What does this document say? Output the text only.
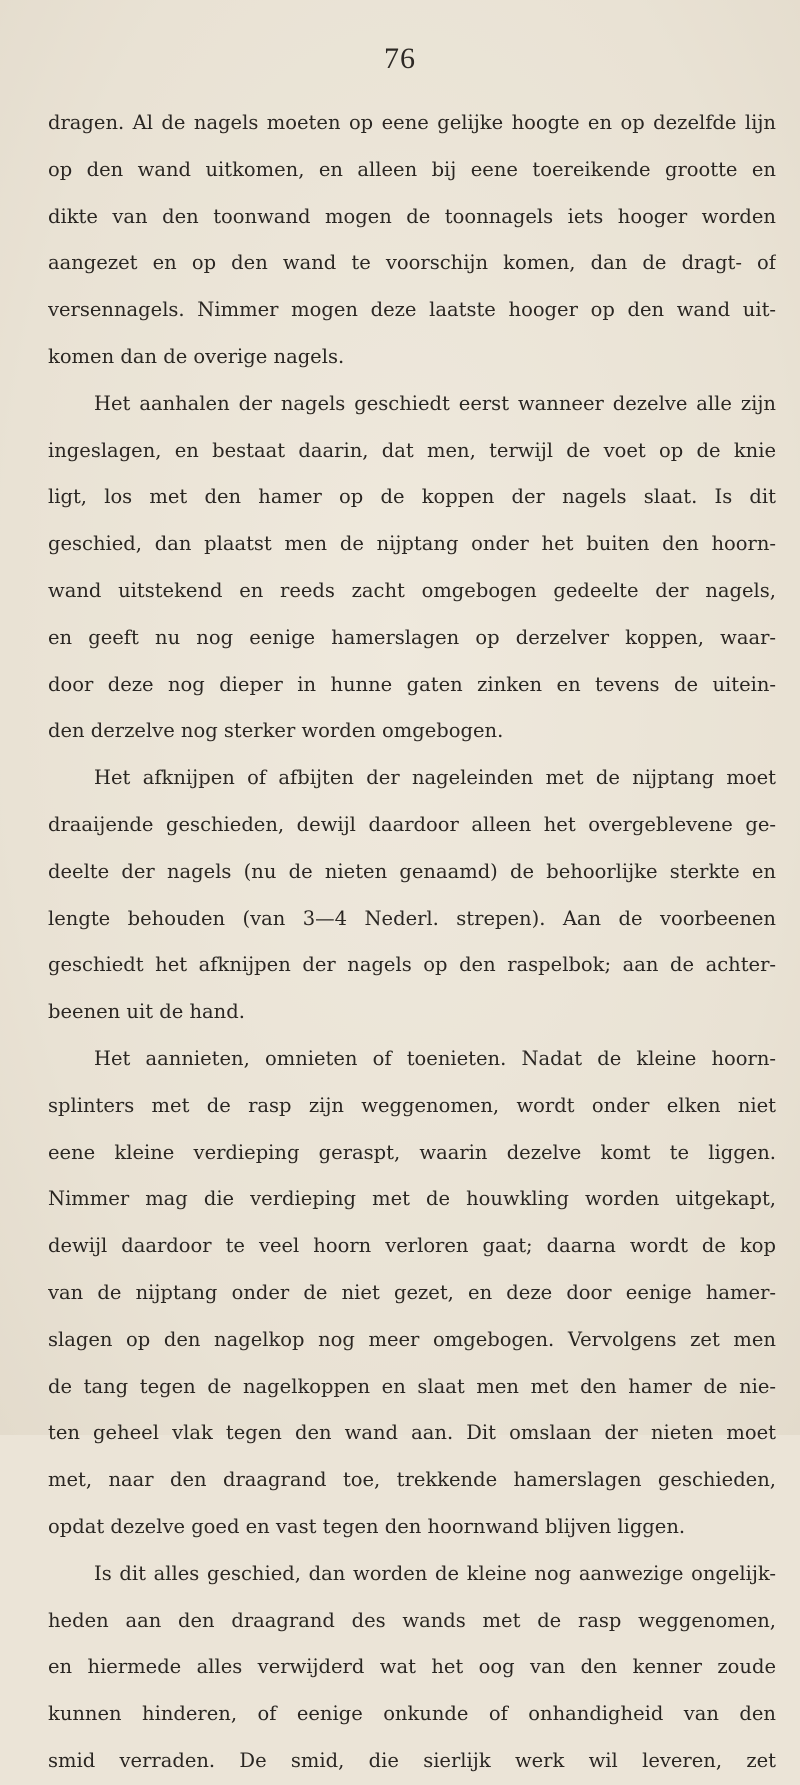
76
dragen. Al de nagels moeten op eene gelijke hoogte en op dezelfde lijn
op den wand uitkomen, en alleen bij eene toereikende grootte en
dikte van den toonwand mogen de toonnagels iets hooger worden
aangezet en op den wand te voorschijn komen, dan de dragt- of
versennagels. Nimmer mogen deze laatste hooger op den wand uit-
komen dan de overige nagels.
Het aanhalen der nagels geschiedt eerst wanneer dezelve alle zijn
ingeslagen, en bestaat daarin, dat men, terwijl de voet op de knie
ligt, los met den hamer op de koppen der nagels slaat. Is dit
geschied, dan plaatst men de nijptang onder het buiten den hoorn-
wand uitstekend en reeds zacht omgebogen gedeelte der nagels,
en geeft nu nog eenige hamerslagen op derzelver koppen, waar-
door deze nog dieper in hunne gaten zinken en tevens de uitein-
den derzelve nog sterker worden omgebogen.
Het afknijpen of afbijten der nageleinden met de nijptang moet
draaijende geschieden, dewijl daardoor alleen het overgeblevene ge-
deelte der nagels (nu de nieten genaamd) de behoorlijke sterkte en
lengte behouden (van 3—4 Nederl. strepen). Aan de voorbeenen
geschiedt het afknijpen der nagels op den raspelbok; aan de achter-
beenen uit de hand.
Het aannieten, omnieten of toenieten. Nadat de kleine hoorn-
splinters met de rasp zijn weggenomen, wordt onder elken niet
eene kleine verdieping geraspt, waarin dezelve komt te liggen.
Nimmer mag die verdieping met de houwkling worden uitgekapt,
dewijl daardoor te veel hoorn verloren gaat; daarna wordt de kop
van de nijptang onder de niet gezet, en deze door eenige hamer-
slagen op den nagelkop nog meer omgebogen. Vervolgens zet men
de tang tegen de nagelkoppen en slaat men met den hamer de nie-
ten geheel vlak tegen den wand aan. Dit omslaan der nieten moet
met, naar den draagrand toe, trekkende hamerslagen geschieden,
opdat dezelve goed en vast tegen den hoornwand blijven liggen.
Is dit alles geschied, dan worden de kleine nog aanwezige ongelijk-
heden aan den draagrand des wands met de rasp weggenomen,
en hiermede alles verwijderd wat het oog van den kenner zoude
kunnen hinderen, of eenige onkunde of onhandigheid van den
smid verraden. De smid, die sierlijk werk wil leveren, zet
